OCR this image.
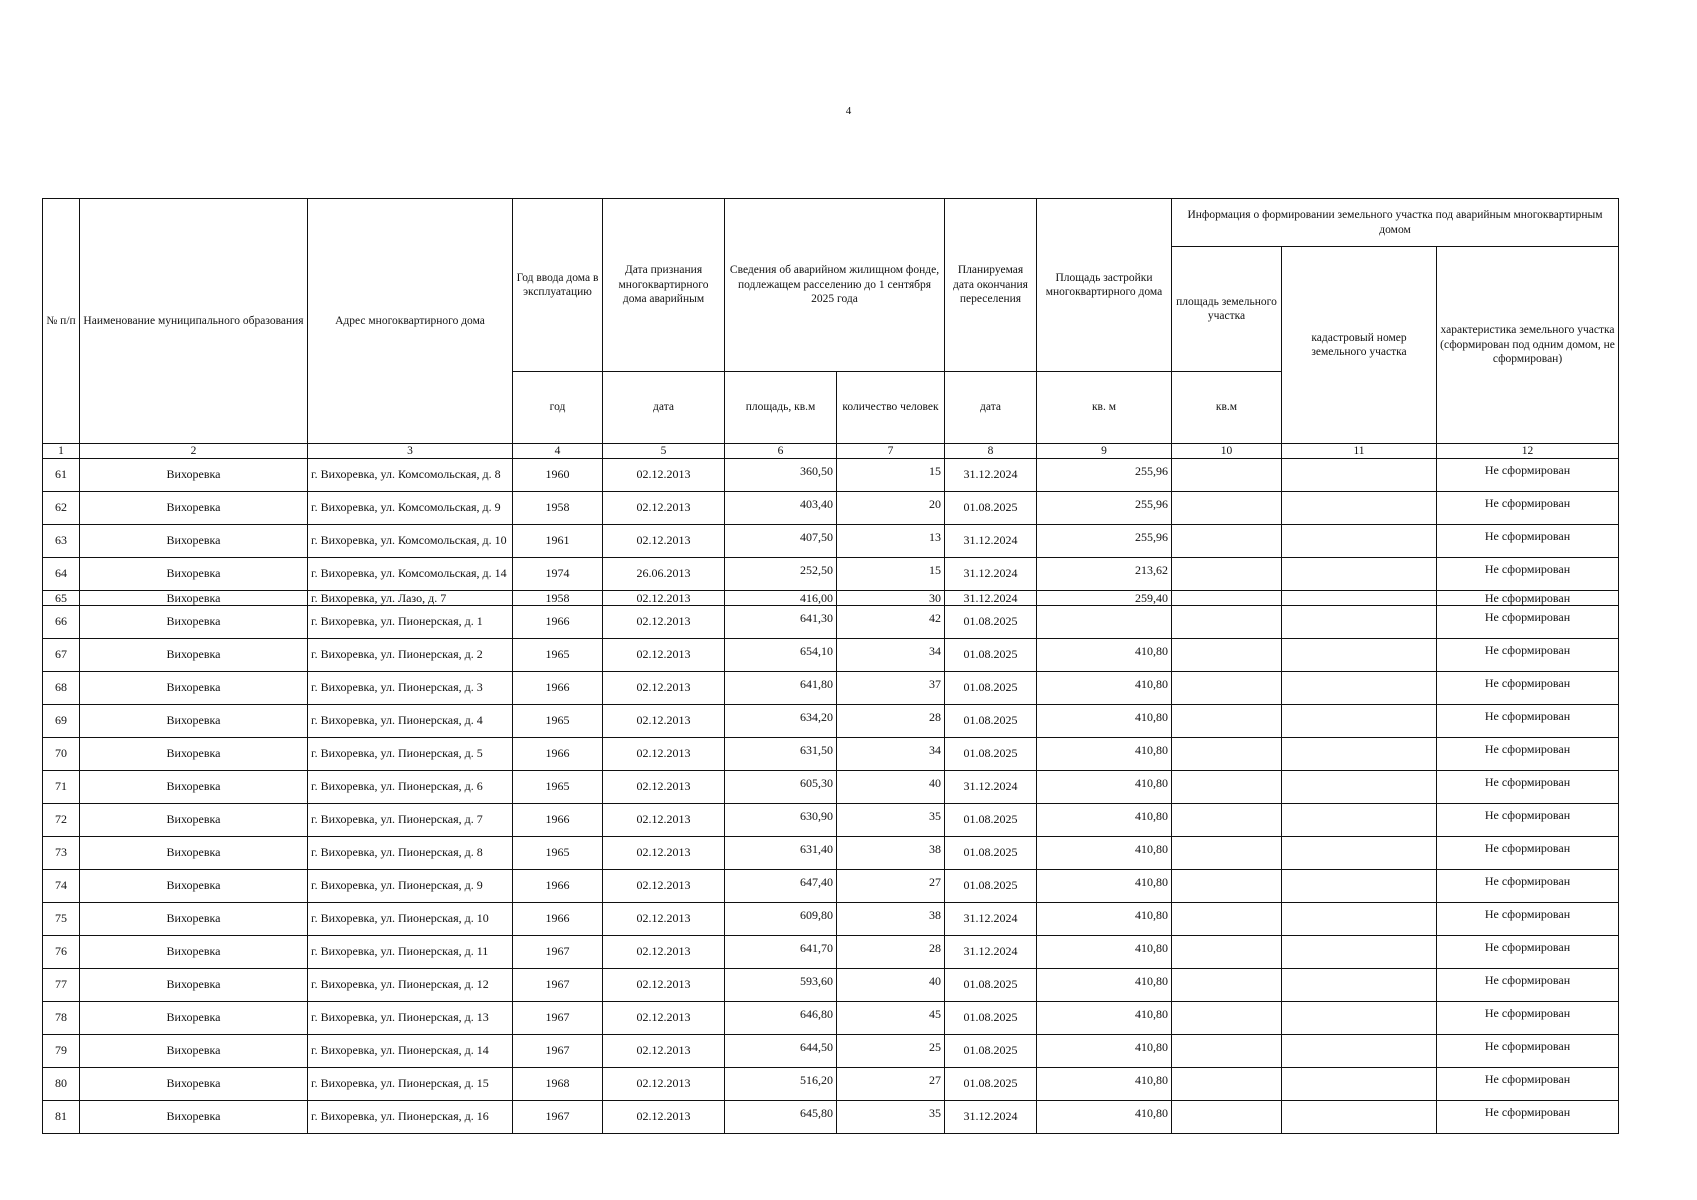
4
№ п/п	Наименование муниципального образования	Адрес многоквартирного дома	Год ввода дома в эксплуатацию	Дата признания многоквартирного дома аварийным	Сведения об аварийном жилищном фонде, подлежащем расселению до 1 сентября 2025 года		Планируемая дата окончания переселения	Площадь застройки многоквартирного дома	Информация о формировании земельного участка под аварийным многоквартирным домом		
									площадь земельного участка	кадастровый номер земельного участка	характеристика земельного участка (сформирован под одним домом, не сформирован)
			год	дата	площадь, кв.м	количество человек	дата	кв. м	кв.м		
1	2	3	4	5	6	7	8	9	10	11	12
61	Вихоревка	г. Вихоревка, ул. Комсомольская, д. 8	1960	02.12.2013	360,50	15	31.12.2024	255,96			Не сформирован
62	Вихоревка	г. Вихоревка, ул. Комсомольская, д. 9	1958	02.12.2013	403,40	20	01.08.2025	255,96			Не сформирован
63	Вихоревка	г. Вихоревка, ул. Комсомольская, д. 10	1961	02.12.2013	407,50	13	31.12.2024	255,96			Не сформирован
64	Вихоревка	г. Вихоревка, ул. Комсомольская, д. 14	1974	26.06.2013	252,50	15	31.12.2024	213,62			Не сформирован
65	Вихоревка	г. Вихоревка, ул. Лазо, д. 7	1958	02.12.2013	416,00	30	31.12.2024	259,40			Не сформирован
66	Вихоревка	г. Вихоревка, ул. Пионерская, д. 1	1966	02.12.2013	641,30	42	01.08.2025				Не сформирован
67	Вихоревка	г. Вихоревка, ул. Пионерская, д. 2	1965	02.12.2013	654,10	34	01.08.2025	410,80			Не сформирован
68	Вихоревка	г. Вихоревка, ул. Пионерская, д. 3	1966	02.12.2013	641,80	37	01.08.2025	410,80			Не сформирован
69	Вихоревка	г. Вихоревка, ул. Пионерская, д. 4	1965	02.12.2013	634,20	28	01.08.2025	410,80			Не сформирован
70	Вихоревка	г. Вихоревка, ул. Пионерская, д. 5	1966	02.12.2013	631,50	34	01.08.2025	410,80			Не сформирован
71	Вихоревка	г. Вихоревка, ул. Пионерская, д. 6	1965	02.12.2013	605,30	40	31.12.2024	410,80			Не сформирован
72	Вихоревка	г. Вихоревка, ул. Пионерская, д. 7	1966	02.12.2013	630,90	35	01.08.2025	410,80			Не сформирован
73	Вихоревка	г. Вихоревка, ул. Пионерская, д. 8	1965	02.12.2013	631,40	38	01.08.2025	410,80			Не сформирован
74	Вихоревка	г. Вихоревка, ул. Пионерская, д. 9	1966	02.12.2013	647,40	27	01.08.2025	410,80			Не сформирован
75	Вихоревка	г. Вихоревка, ул. Пионерская, д. 10	1966	02.12.2013	609,80	38	31.12.2024	410,80			Не сформирован
76	Вихоревка	г. Вихоревка, ул. Пионерская, д. 11	1967	02.12.2013	641,70	28	31.12.2024	410,80			Не сформирован
77	Вихоревка	г. Вихоревка, ул. Пионерская, д. 12	1967	02.12.2013	593,60	40	01.08.2025	410,80			Не сформирован
78	Вихоревка	г. Вихоревка, ул. Пионерская, д. 13	1967	02.12.2013	646,80	45	01.08.2025	410,80			Не сформирован
79	Вихоревка	г. Вихоревка, ул. Пионерская, д. 14	1967	02.12.2013	644,50	25	01.08.2025	410,80			Не сформирован
80	Вихоревка	г. Вихоревка, ул. Пионерская, д. 15	1968	02.12.2013	516,20	27	01.08.2025	410,80			Не сформирован
81	Вихоревка	г. Вихоревка, ул. Пионерская, д. 16	1967	02.12.2013	645,80	35	31.12.2024	410,80			Не сформирован
